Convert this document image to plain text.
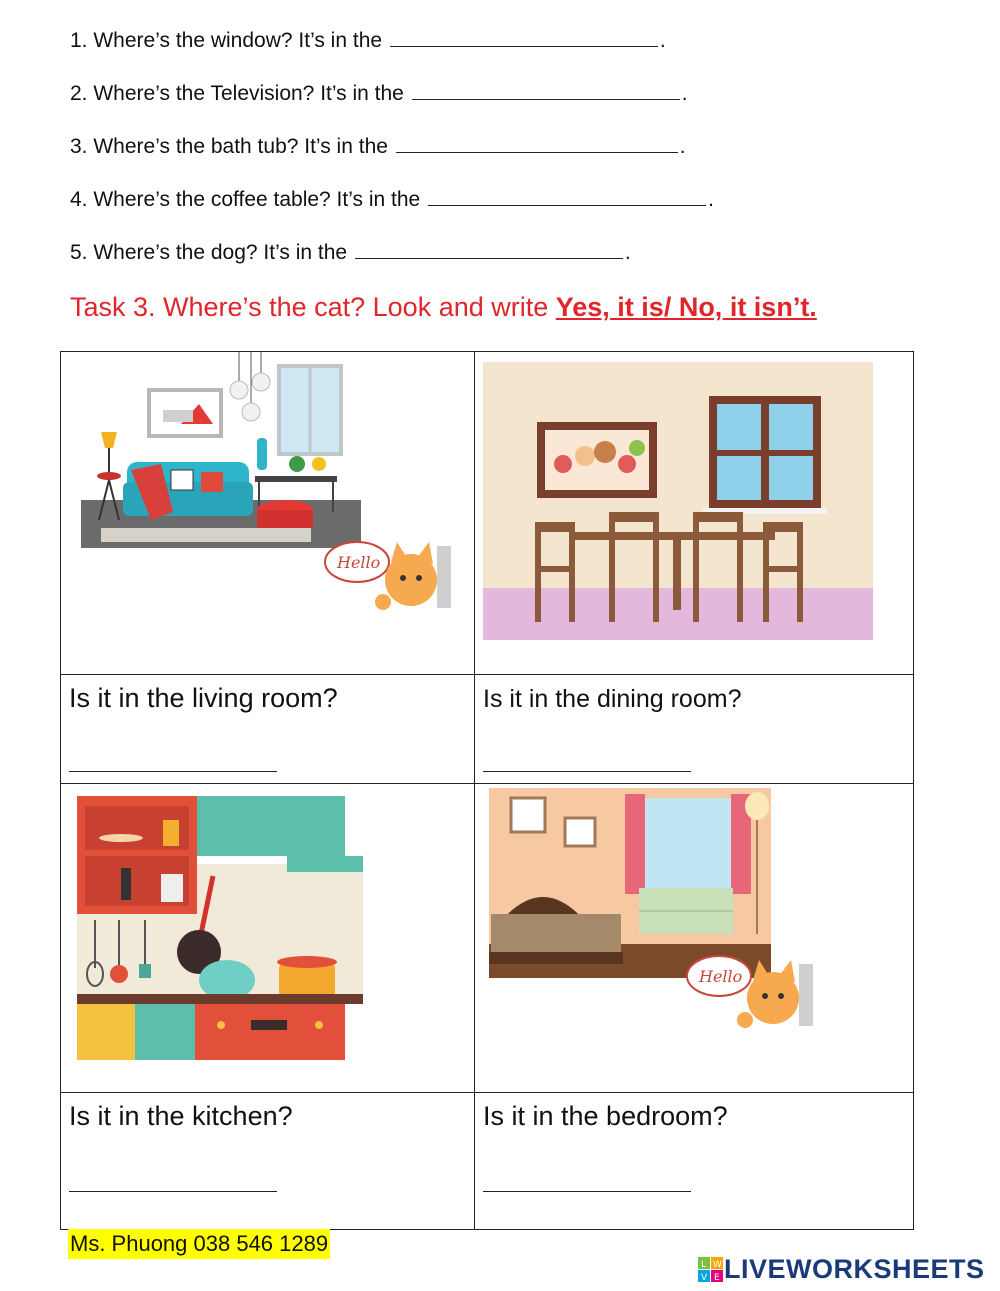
1. Where’s the window? It’s in the	.
2. Where’s the Television? It’s in the	.
3. Where’s the bath tub? It’s in the	.
4. Where’s the coffee table? It’s in the	.
5. Where’s the dog? It’s in the	.
Task 3. Where’s the cat? Look and write Yes, it is/ No, it isn’t.
Hello

Is it in the living room?	Is it in the dining room?

Hello

Is it in the kitchen?	Is it in the bedroom?
Ms. Phuong 038 546 1289
L W
V E LIVEWORKSHEETS
